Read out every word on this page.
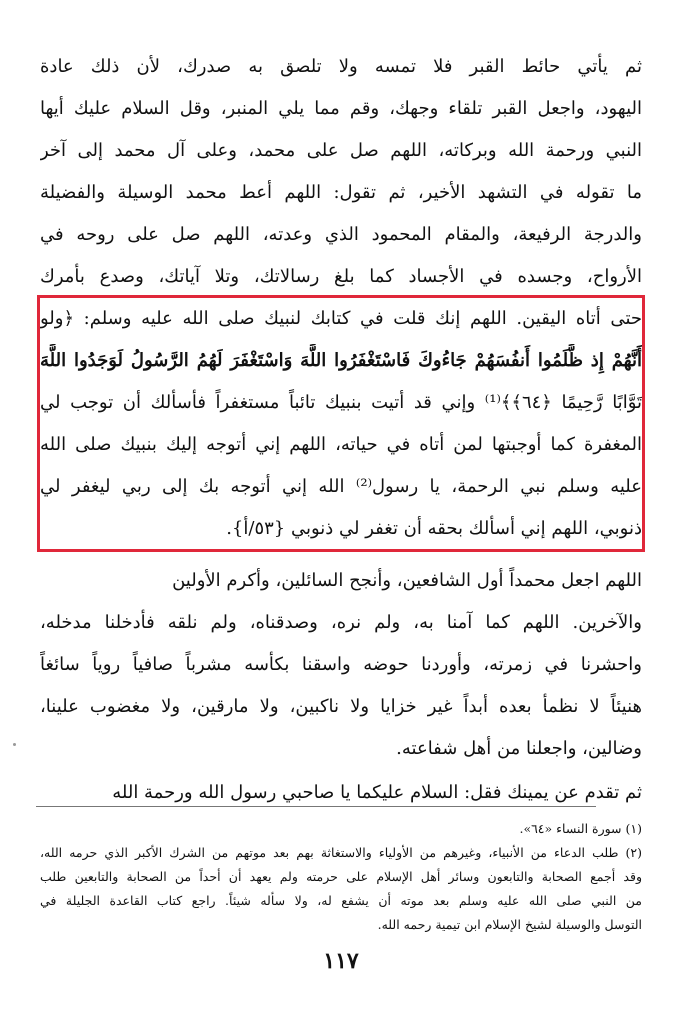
ثم يأتي حائط القبر فلا تمسه ولا تلصق به صدرك، لأن ذلك عادة
اليهود، واجعل القبر تلقاء وجهك، وقم مما يلي المنبر، وقل السلام عليك أيها
النبي ورحمة الله وبركاته، اللهم صل على محمد، وعلى آل محمد إلى آخر
ما تقوله في التشهد الأخير، ثم تقول: اللهم أعط محمد الوسيلة والفضيلة
والدرجة الرفيعة، والمقام المحمود الذي وعدته، اللهم صل على روحه في
الأرواح، وجسده في الأجساد كما بلغ رسالاتك، وتلا آياتك، وصدع بأمرك
حتى أتاه اليقين. اللهم إنك قلت في كتابك لنبيك صلى الله عليه وسلم: ﴿ولو
أَنَّهُمْ إِذ ظَّلَمُوا أَنفُسَهُمْ جَاءُوكَ فَاسْتَغْفَرُوا اللَّهَ وَاسْتَغْفَرَ لَهُمُ الرَّسُولُ لَوَجَدُوا اللَّهَ
تَوَّابًا رَّحِيمًا ﴿٦٤﴾﴾⁽¹⁾ وإني قد أتيت بنبيك تائباً مستغفراً فأسألك أن توجب لي
المغفرة كما أوجبتها لمن أتاه في حياته، اللهم إني أتوجه إليك بنبيك صلى الله
عليه وسلم نبي الرحمة، يا رسول⁽²⁾ الله إني أتوجه بك إلى ربي ليغفر لي
ذنوبي، اللهم إني أسألك بحقه أن تغفر لي ذنوبي {٥٣/أ}.
اللهم اجعل محمداً أول الشافعين، وأنجح السائلين، وأكرم الأولين
والآخرين. اللهم كما آمنا به، ولم نره، وصدقناه، ولم نلقه فأدخلنا مدخله،
واحشرنا في زمرته، وأوردنا حوضه واسقنا بكأسه مشرباً صافياً روياً سائغاً
هنيئاً لا نظمأ بعده أبداً غير خزايا ولا ناكبين، ولا مارقين، ولا مغضوب علينا،
وضالين، واجعلنا من أهل شفاعته.
ثم تقدم عن يمينك فقل: السلام عليكما يا صاحبي رسول الله ورحمة الله
(١) سورة النساء «٦٤».
(٢) طلب الدعاء من الأنبياء، وغيرهم من الأولياء والاستغاثة بهم بعد موتهم من الشرك الأكبر الذي حرمه الله،
وقد أجمع الصحابة والتابعون وسائر أهل الإسلام على حرمته ولم يعهد أن أحداً من الصحابة والتابعين طلب
من النبي صلى الله عليه وسلم بعد موته أن يشفع له، ولا سأله شيئاً. راجع كتاب القاعدة الجليلة في
التوسل والوسيلة لشيخ الإسلام ابن تيمية رحمه الله.
١١٧
